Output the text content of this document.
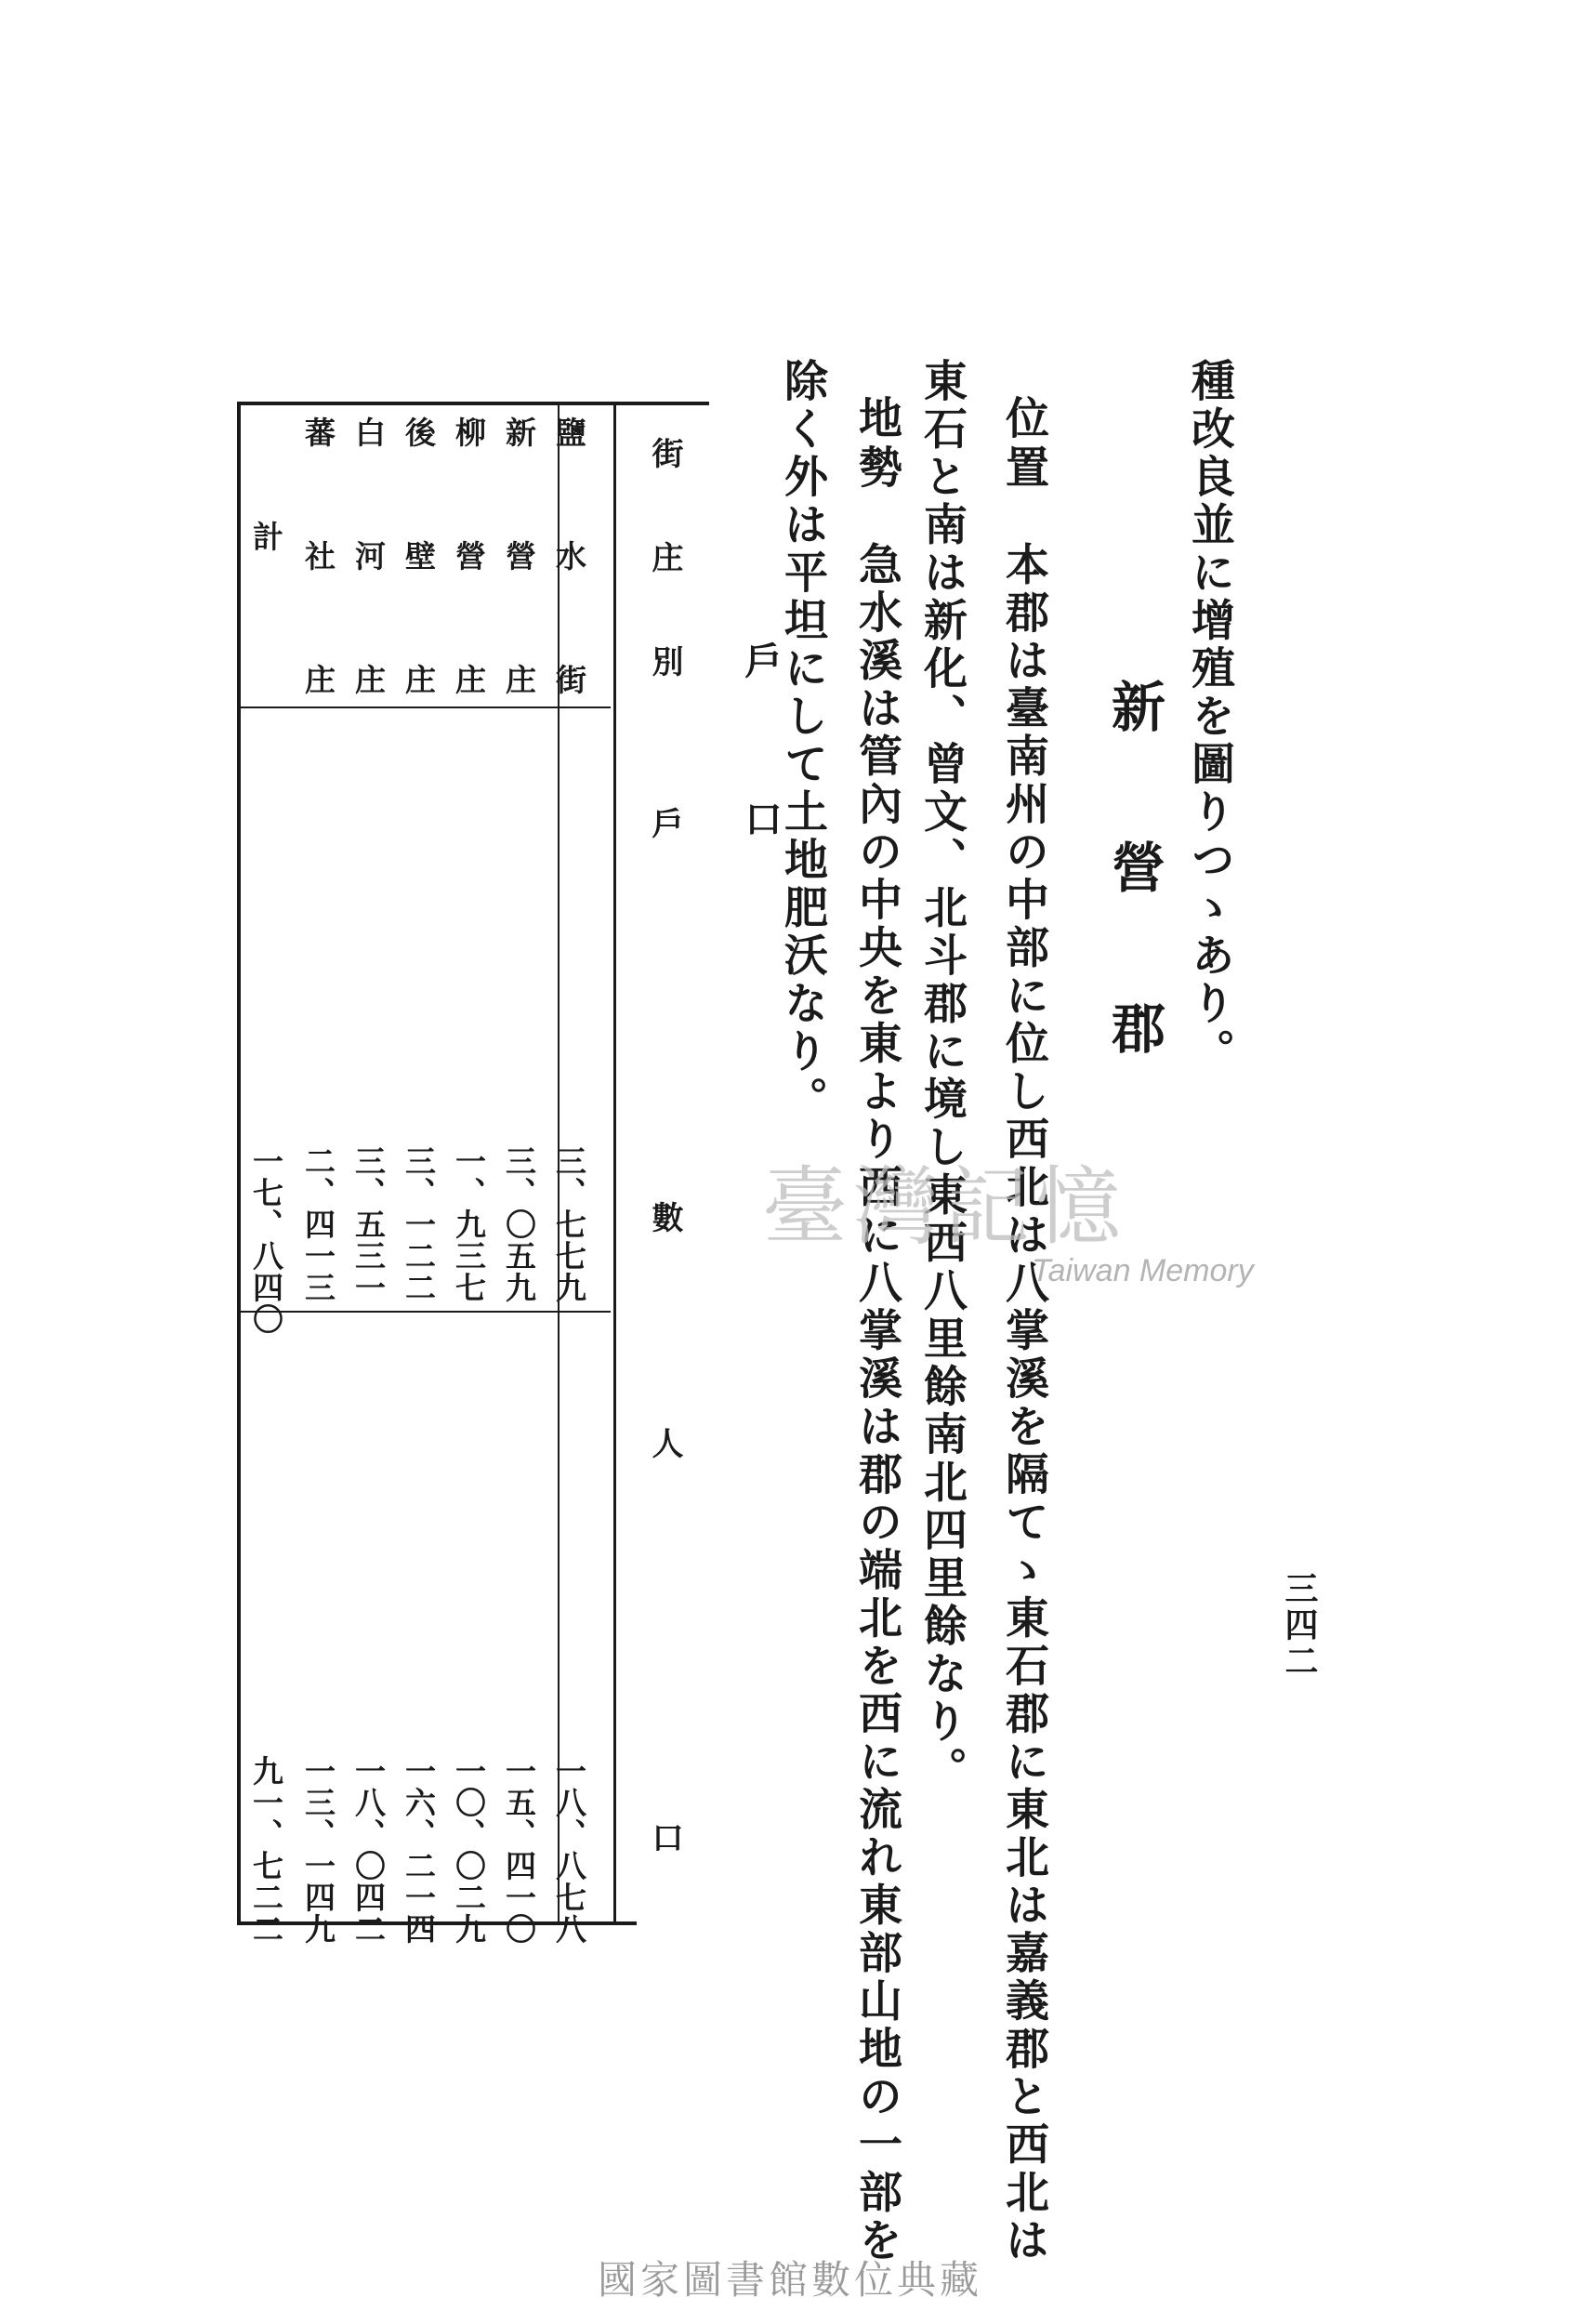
種改良並に增殖を圖りつゝあり。
新營郡
位置　本郡は臺南州の中部に位し西北は八掌溪を隔てゝ東石郡に東北は嘉義郡と西北は
東石と南は新化、曾文、北斗郡に境し東西八里餘南北四里餘なり。
地勢　急水溪は管內の中央を東より西に八掌溪は郡の端北を西に流れ東部山地の一部を
除く外は平坦にして土地肥沃なり。
戶口
三四二
街庄別
戶數
人口
鹽水街
三、七七九
一八、八七八
新營庄
三、〇五九
一五、四一〇
柳營庄
一、九三七
一〇、〇二九
後壁庄
三、一二二
一六、二一四
白河庄
三、五三一
一八、〇四二
蕃社庄
二、四一三
一三、一四九
計
一七、八四〇
九一、七二二
臺灣記憶
Taiwan Memory
國家圖書館數位典藏
